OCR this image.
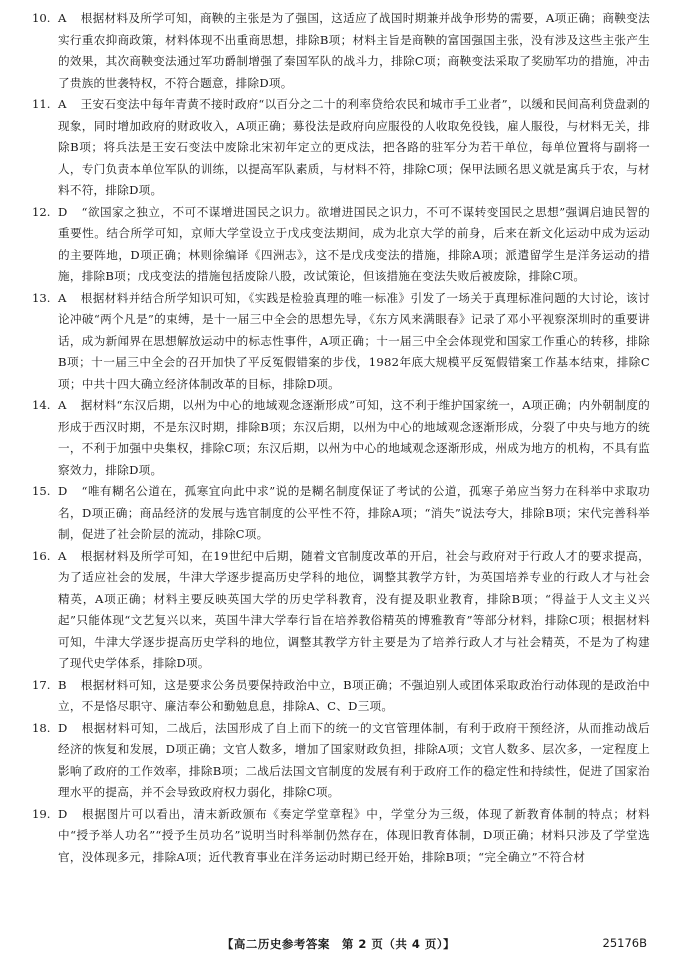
10. A 根据材料及所学可知，商鞅的主张是为了强国，这适应了战国时期兼并战争形势的需要，A项正确；商鞅变法实行重农抑商政策，材料体现不出重商思想，排除B项；材料主旨是商鞅的富国强国主张，没有涉及这些主张产生的效果，其次商鞅变法通过军功爵制增强了秦国军队的战斗力，排除C项；商鞅变法采取了奖励军功的措施，冲击了贵族的世袭特权，不符合题意，排除D项。
11. A 王安石变法中每年青黄不接时政府“以百分之二十的利率贷给农民和城市手工业者”，以缓和民间高利贷盘剥的现象，同时增加政府的财政收入，A项正确；募役法是政府向应服役的人收取免役钱，雇人服役，与材料无关，排除B项；将兵法是王安石变法中废除北宋初年定立的更戍法，把各路的驻军分为若干单位，每单位置将与副将一人，专门负责本单位军队的训练，以提高军队素质，与材料不符，排除C项；保甲法顾名思义就是寓兵于农，与材料不符，排除D项。
12. D “欲国家之独立，不可不谋增进国民之识力。欲增进国民之识力，不可不谋转变国民之思想”强调启迪民智的重要性。结合所学可知，京师大学堂设立于戊戌变法期间，成为北京大学的前身，后来在新文化运动中成为运动的主要阵地，D项正确；林则徐编译《四洲志》，这不是戊戌变法的措施，排除A项；派遣留学生是洋务运动的措施，排除B项；戊戌变法的措施包括废除八股，改试策论，但该措施在变法失败后被废除，排除C项。
13. A 根据材料并结合所学知识可知，《实践是检验真理的唯一标准》引发了一场关于真理标准问题的大讨论，该讨论冲破“两个凡是”的束缚，是十一届三中全会的思想先导，《东方风来满眼春》记录了邓小平视察深圳时的重要讲话，成为新闻界在思想解放运动中的标志性事件，A项正确；十一届三中全会体现党和国家工作重心的转移，排除B项；十一届三中全会的召开加快了平反冤假错案的步伐，1982年底大规模平反冤假错案工作基本结束，排除C项；中共十四大确立经济体制改革的目标，排除D项。
14. A 据材料“东汉后期，以州为中心的地域观念逐渐形成”可知，这不利于维护国家统一，A项正确；内外朝制度的形成于西汉时期，不是东汉时期，排除B项；东汉后期，以州为中心的地域观念逐渐形成，分裂了中央与地方的统一，不利于加强中央集权，排除C项；东汉后期，以州为中心的地域观念逐渐形成，州成为地方的机构，不具有监察效力，排除D项。
15. D “唯有糊名公道在，孤寒宜向此中求”说的是糊名制度保证了考试的公道，孤寒子弟应当努力在科举中求取功名，D项正确；商品经济的发展与选官制度的公平性不符，排除A项；“消失”说法夸大，排除B项；宋代完善科举制，促进了社会阶层的流动，排除C项。
16. A 根据材料及所学可知，在19世纪中后期，随着文官制度改革的开启，社会与政府对于行政人才的要求提高，为了适应社会的发展，牛津大学逐步提高历史学科的地位，调整其教学方针，为英国培养专业的行政人才与社会精英，A项正确；材料主要反映英国大学的历史学科教育，没有提及职业教育，排除B项；“得益于人文主义兴起”只能体现“文艺复兴以来，英国牛津大学奉行旨在培养教俗精英的博雅教育”等部分材料，排除C项；根据材料可知，牛津大学逐步提高历史学科的地位，调整其教学方针主要是为了培养行政人才与社会精英，不是为了构建了现代史学体系，排除D项。
17. B 根据材料可知，这是要求公务员要保持政治中立，B项正确；不强迫别人或团体采取政治行动体现的是政治中立，不是恪尽职守、廉洁奉公和勤勉息息，排除A、C、D三项。
18. D 根据材料可知，二战后，法国形成了自上而下的统一的文官管理体制，有利于政府干预经济，从而推动战后经济的恢复和发展，D项正确；文官人数多，增加了国家财政负担，排除A项；文官人数多、层次多，一定程度上影响了政府的工作效率，排除B项；二战后法国文官制度的发展有利于政府工作的稳定性和持续性，促进了国家治理水平的提高，并不会导致政府权力弱化，排除C项。
19. D 根据图片可以看出，清末新政颁布《奏定学堂章程》中，学堂分为三级，体现了新教育体制的特点；材料中“授予举人功名”“授予生员功名”说明当时科举制仍然存在，体现旧教育体制，D项正确；材料只涉及了学堂选官，没体现多元，排除A项；近代教育事业在洋务运动时期已经开始，排除B项；“完全确立”不符合材
【高二历史参考答案　第 2 页（共 4 页）】	25176B
